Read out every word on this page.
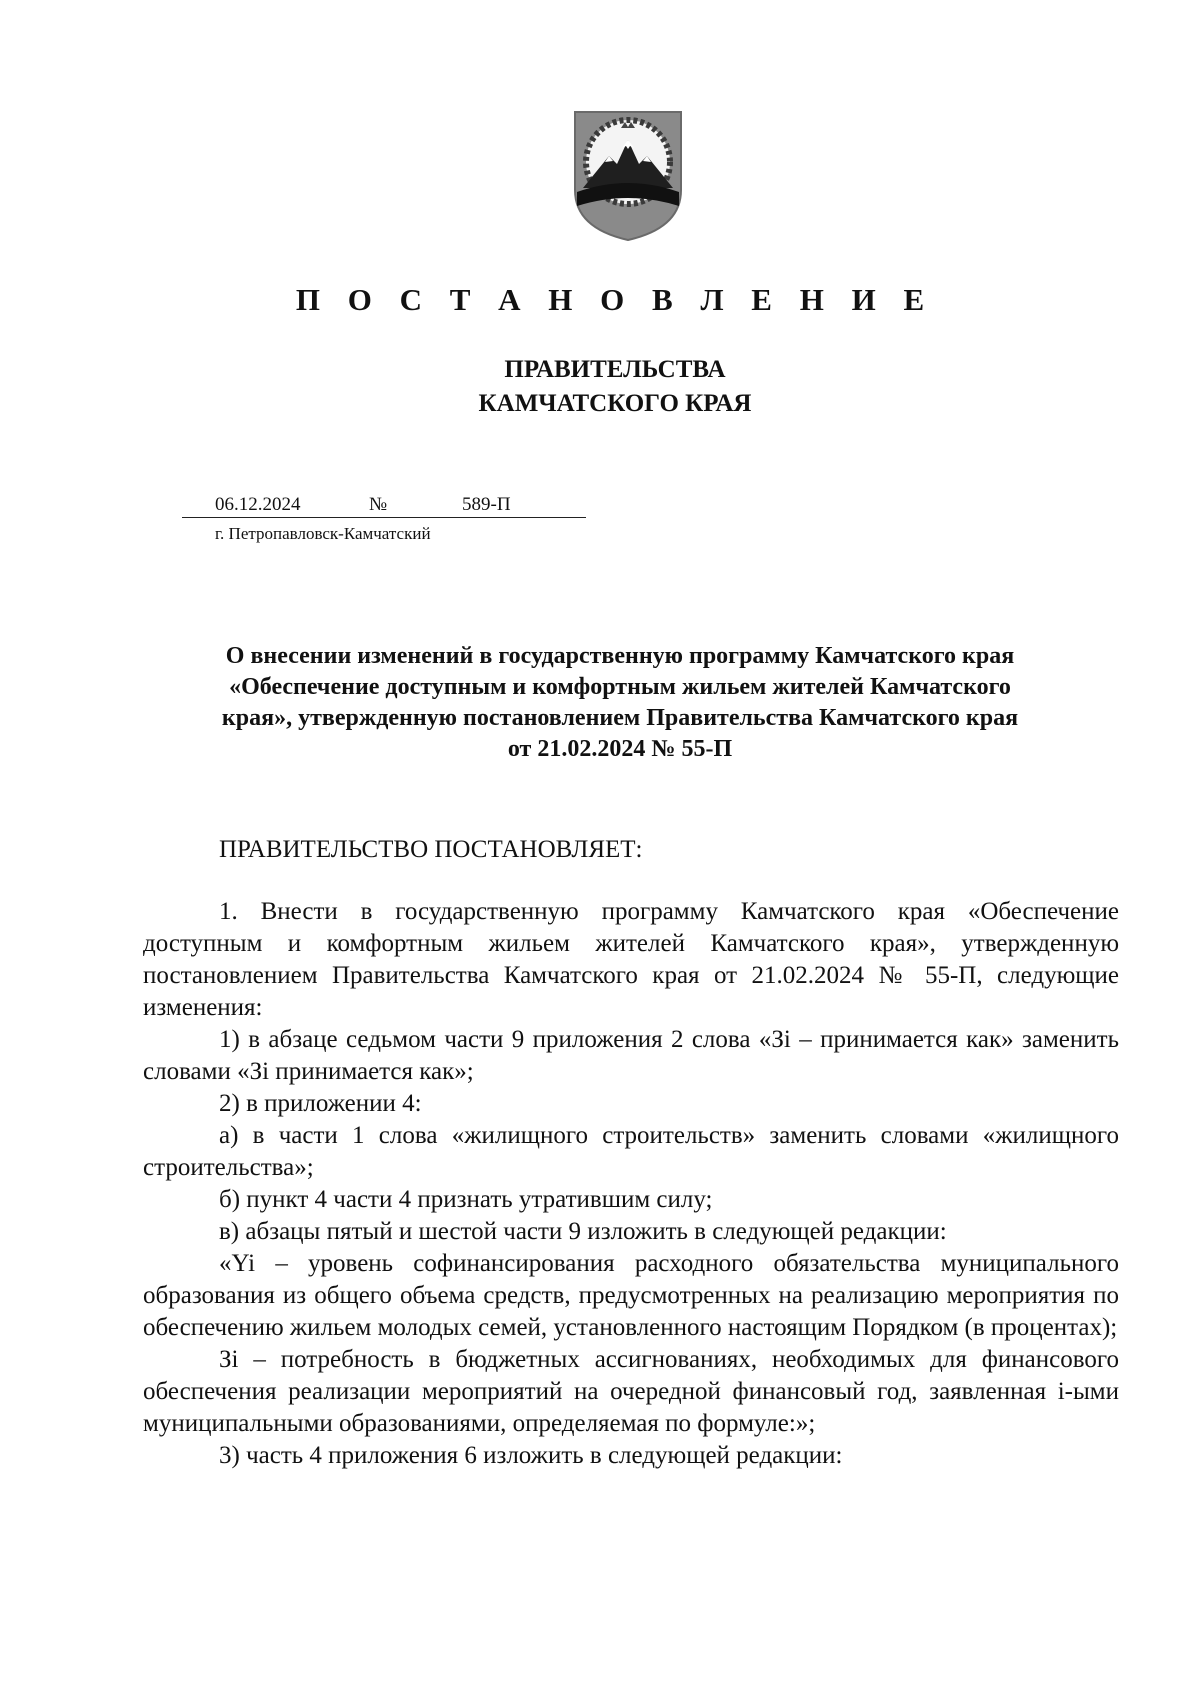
П О С Т А Н О В Л Е Н И Е
ПРАВИТЕЛЬСТВА
КАМЧАТСКОГО КРАЯ
06.12.2024	№	589-П
г. Петропавловск-Камчатский
О внесении изменений в государственную программу Камчатского края
«Обеспечение доступным и комфортным жильем жителей Камчатского
края», утвержденную постановлением Правительства Камчатского края
от 21.02.2024 № 55-П
ПРАВИТЕЛЬСТВО ПОСТАНОВЛЯЕТ:
1. Внести в государственную программу Камчатского края «Обеспечение доступным и комфортным жильем жителей Камчатского края», утвержденную постановлением Правительства Камчатского края от 21.02.2024 № 55-П, следующие изменения:
1) в абзаце седьмом части 9 приложения 2 слова «Зi – принимается как» заменить словами «Зi принимается как»;
2) в приложении 4:
а) в части 1 слова «жилищного строительств» заменить словами «жилищного строительства»;
б) пункт 4 части 4 признать утратившим силу;
в) абзацы пятый и шестой части 9 изложить в следующей редакции:
«Yi – уровень софинансирования расходного обязательства муниципального образования из общего объема средств, предусмотренных на реализацию мероприятия по обеспечению жильем молодых семей, установленного настоящим Порядком (в процентах);
Зi – потребность в бюджетных ассигнованиях, необходимых для финансового обеспечения реализации мероприятий на очередной финансовый год, заявленная i-ыми муниципальными образованиями, определяемая по формуле:»;
3) часть 4 приложения 6 изложить в следующей редакции:
